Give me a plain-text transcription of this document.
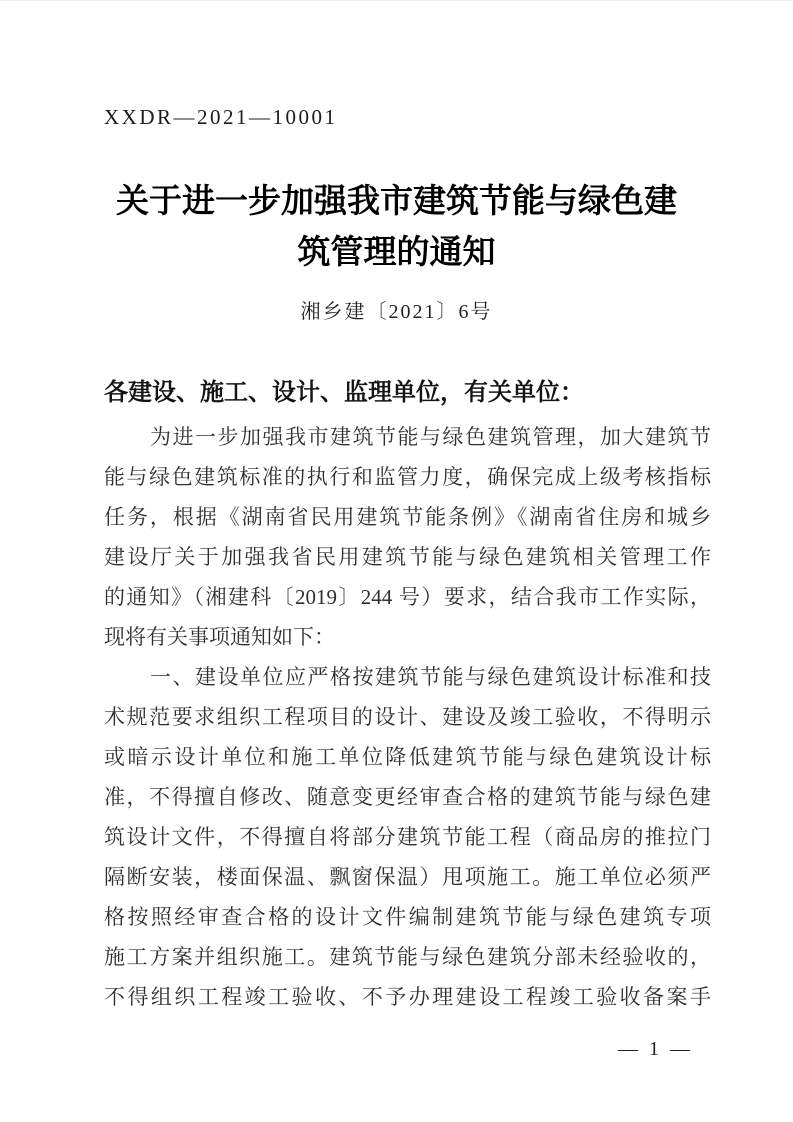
XXDR—2021—10001
关于进一步加强我市建筑节能与绿色建
筑管理的通知
湘乡建〔2021〕6号
各建设、施工、设计、监理单位，有关单位：
为进一步加强我市建筑节能与绿色建筑管理，加大建筑节
能与绿色建筑标准的执行和监管力度，确保完成上级考核指标
任务，根据《湖南省民用建筑节能条例》《湖南省住房和城乡
建设厅关于加强我省民用建筑节能与绿色建筑相关管理工作
的通知》（湘建科〔2019〕244 号）要求，结合我市工作实际，
现将有关事项通知如下：
一、建设单位应严格按建筑节能与绿色建筑设计标准和技
术规范要求组织工程项目的设计、建设及竣工验收，不得明示
或暗示设计单位和施工单位降低建筑节能与绿色建筑设计标
准，不得擅自修改、随意变更经审查合格的建筑节能与绿色建
筑设计文件，不得擅自将部分建筑节能工程（商品房的推拉门
隔断安装，楼面保温、飘窗保温）甩项施工。施工单位必须严
格按照经审查合格的设计文件编制建筑节能与绿色建筑专项
施工方案并组织施工。建筑节能与绿色建筑分部未经验收的，
不得组织工程竣工验收、不予办理建设工程竣工验收备案手
— 1 —
